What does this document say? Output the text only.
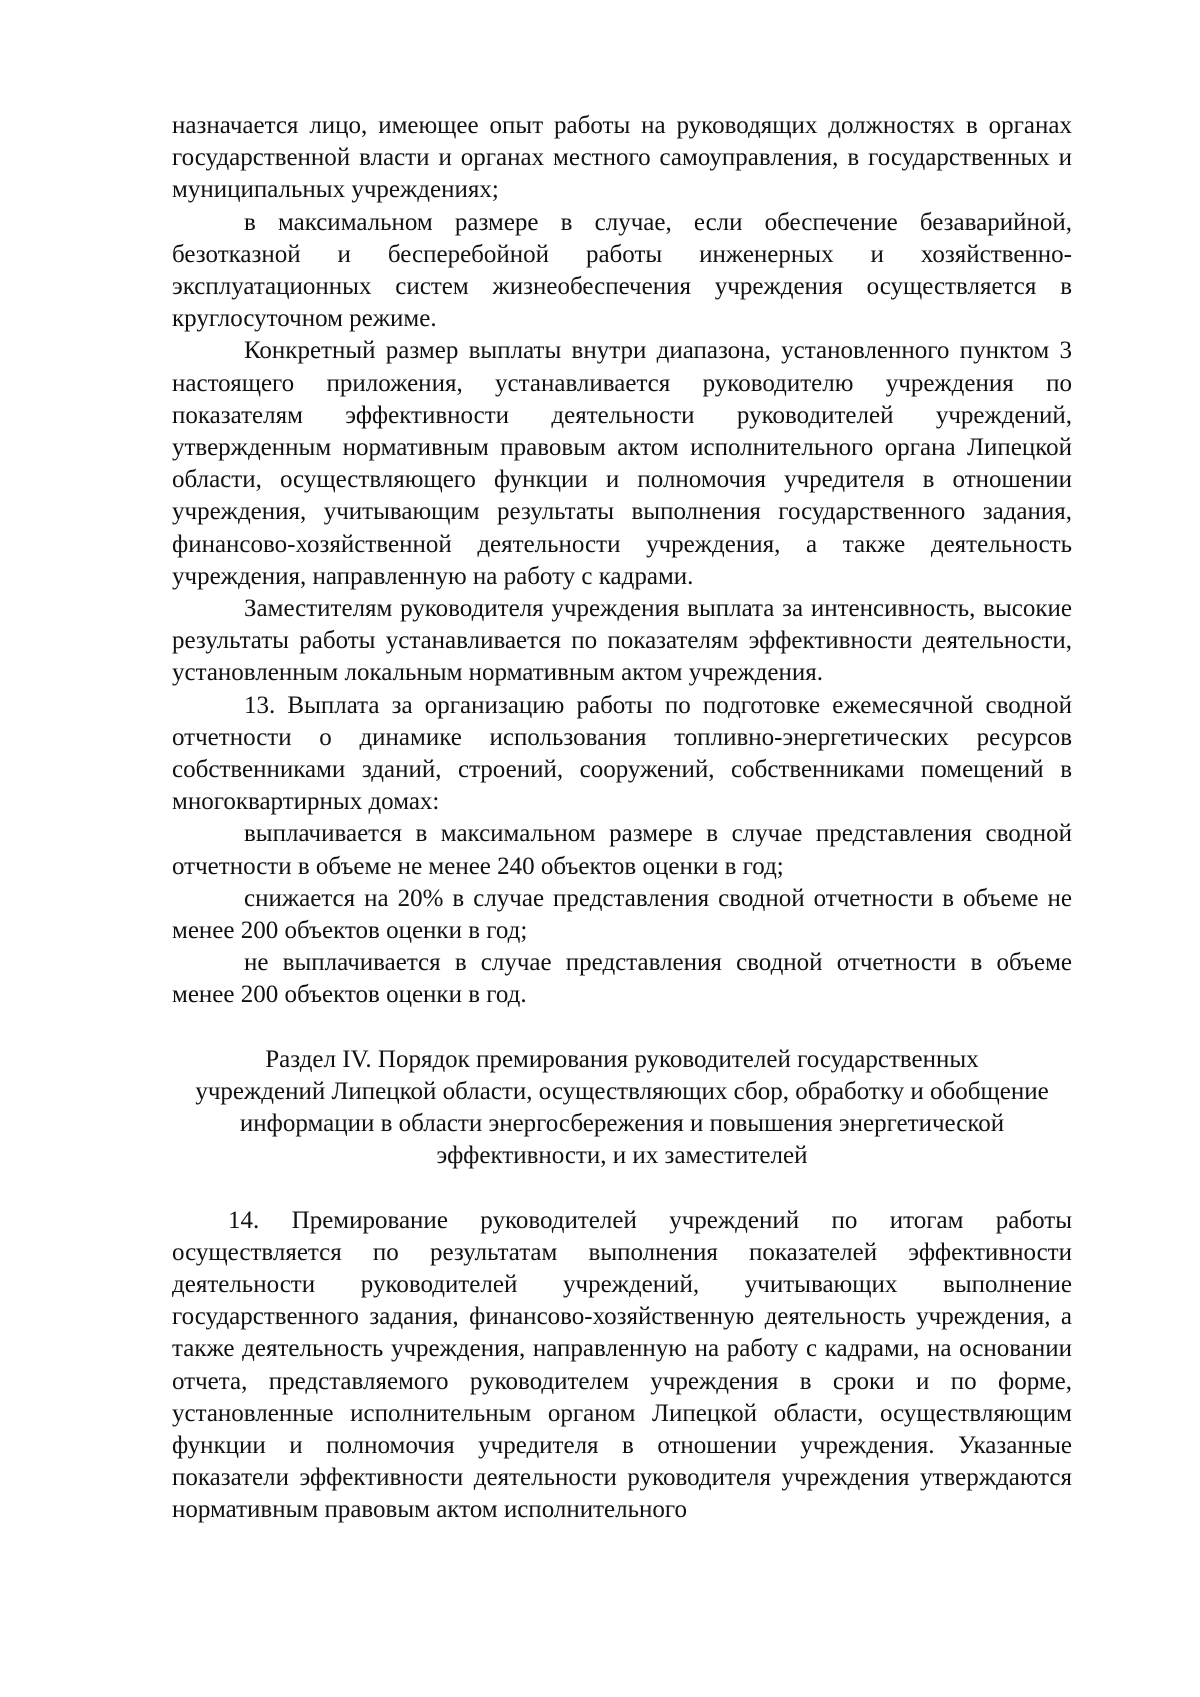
назначается лицо, имеющее опыт работы на руководящих должностях в органах государственной власти и органах местного самоуправления, в государственных и муниципальных учреждениях;

в максимальном размере в случае, если обеспечение безаварийной, безотказной и бесперебойной работы инженерных и хозяйственно-эксплуатационных систем жизнеобеспечения учреждения осуществляется в круглосуточном режиме.

Конкретный размер выплаты внутри диапазона, установленного пунктом 3 настоящего приложения, устанавливается руководителю учреждения по показателям эффективности деятельности руководителей учреждений, утвержденным нормативным правовым актом исполнительного органа Липецкой области, осуществляющего функции и полномочия учредителя в отношении учреждения, учитывающим результаты выполнения государственного задания, финансово-хозяйственной деятельности учреждения, а также деятельность учреждения, направленную на работу с кадрами.

Заместителям руководителя учреждения выплата за интенсивность, высокие результаты работы устанавливается по показателям эффективности деятельности, установленным локальным нормативным актом учреждения.

13. Выплата за организацию работы по подготовке ежемесячной сводной отчетности о динамике использования топливно-энергетических ресурсов собственниками зданий, строений, сооружений, собственниками помещений в многоквартирных домах:

выплачивается в максимальном размере в случае представления сводной отчетности в объеме не менее 240 объектов оценки в год;

снижается на 20% в случае представления сводной отчетности в объеме не менее 200 объектов оценки в год;

не выплачивается в случае представления сводной отчетности в объеме менее 200 объектов оценки в год.

Раздел IV. Порядок премирования руководителей государственных

учреждений Липецкой области, осуществляющих сбор, обработку и обобщение

информации в области энергосбережения и повышения энергетической

эффективности, и их заместителей

14. Премирование руководителей учреждений по итогам работы осуществляется по результатам выполнения показателей эффективности деятельности руководителей учреждений, учитывающих выполнение государственного задания, финансово-хозяйственную деятельность учреждения, а также деятельность учреждения, направленную на работу с кадрами, на основании отчета, представляемого руководителем учреждения в сроки и по форме, установленные исполнительным органом Липецкой области, осуществляющим функции и полномочия учредителя в отношении учреждения. Указанные показатели эффективности деятельности руководителя учреждения утверждаются нормативным правовым актом исполнительного
